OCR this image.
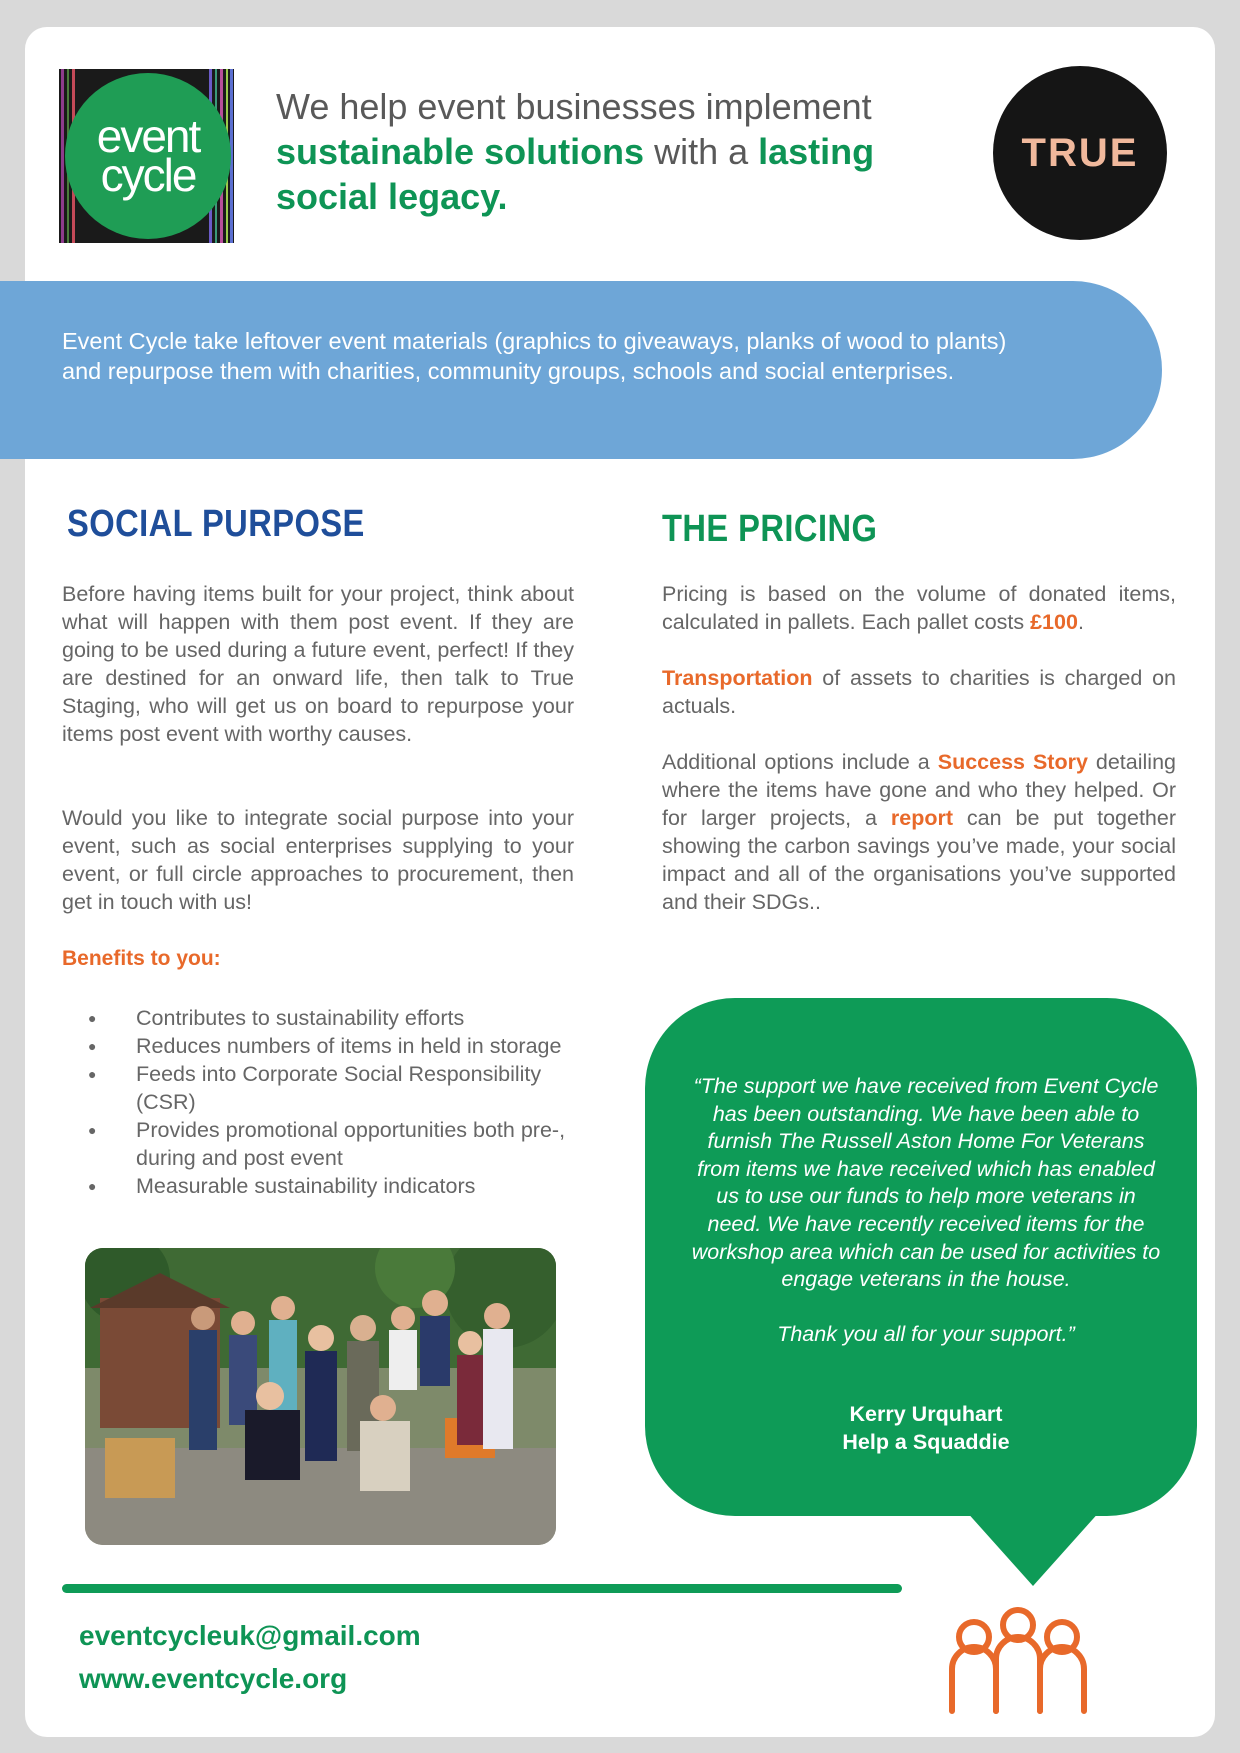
event
cycle
We help event businesses implement sustainable solutions with a lasting social legacy.
TRUE

Event Cycle take leftover event materials (graphics to giveaways, planks of wood to plants) and repurpose them with charities, community groups, schools and social enterprises.

SOCIAL PURPOSE

Before having items built for your project, think about what will happen with them post event. If they are going to be used during a future event, perfect! If they are destined for an onward life, then talk to True Staging, who will get us on board to repurpose your items post event with worthy causes.

Would you like to integrate social purpose into your event, such as social enterprises supplying to your event, or full circle approaches to procurement, then get in touch with us!

Benefits to you:

● Contributes to sustainability efforts
● Reduces numbers of items in held in storage
● Feeds into Corporate Social Responsibility (CSR)
● Provides promotional opportunities both pre-, during and post event
● Measurable sustainability indicators
THE PRICING

Pricing is based on the volume of donated items, calculated in pallets. Each pallet costs £100.

Transportation of assets to charities is charged on actuals.

Additional options include a Success Story detailing where the items have gone and who they helped. Or for larger projects, a report can be put together showing the carbon savings you’ve made, your social impact and all of the organisations you’ve supported and their SDGs..

“The support we have received from Event Cycle has been outstanding. We have been able to furnish The Russell Aston Home For Veterans from items we have received which has enabled us to use our funds to help more veterans in need. We have recently received items for the workshop area which can be used for activities to engage veterans in the house.

Thank you all for your support.”

Kerry Urquhart
Help a Squaddie
eventcycleuk@gmail.com
www.eventcycle.org
